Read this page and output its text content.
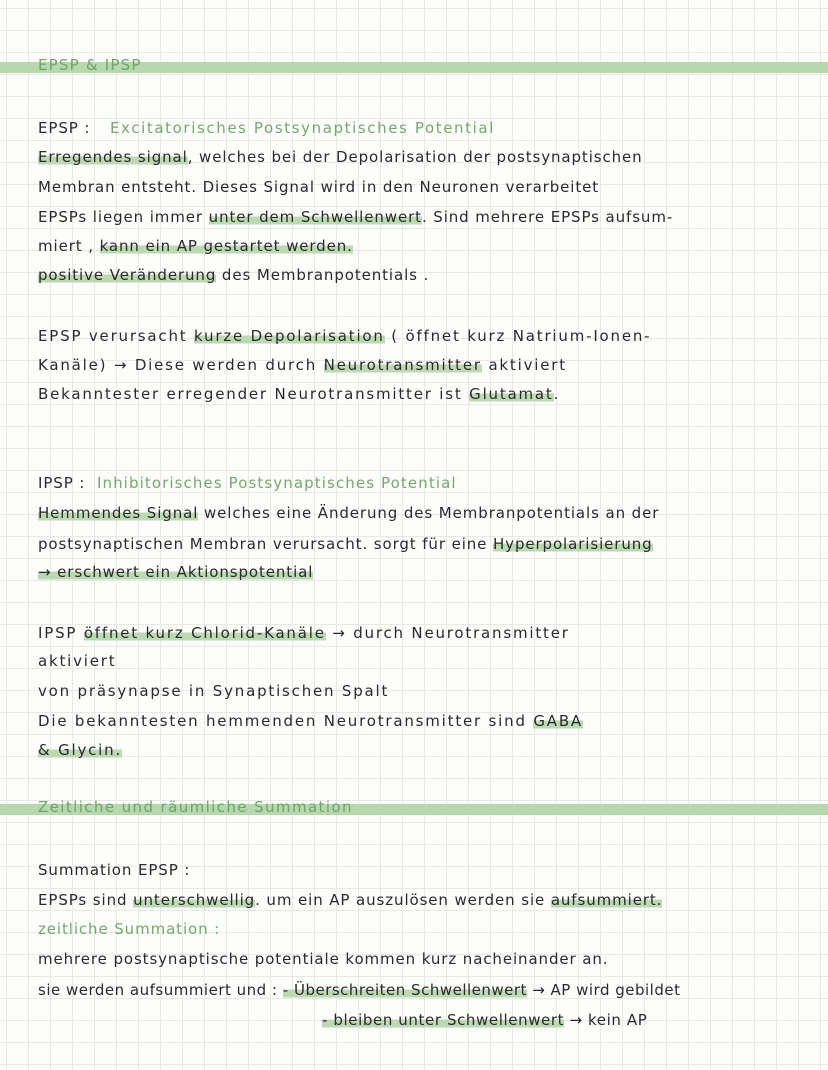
EPSP & IPSP
EPSP : Excitatorisches Postsynaptisches Potential
Erregendes signal, welches bei der Depolarisation der postsynaptischen
Membran entsteht. Dieses Signal wird in den Neuronen verarbeitet
EPSPs liegen immer unter dem Schwellenwert. Sind mehrere EPSPs aufsum-
miert , kann ein AP gestartet werden.
positive Veränderung des Membranpotentials .
EPSP verursacht kurze Depolarisation ( öffnet kurz Natrium-Ionen-
Kanäle) → Diese werden durch Neurotransmitter aktiviert
Bekanntester erregender Neurotransmitter ist Glutamat.
IPSP : Inhibitorisches Postsynaptisches Potential
Hemmendes Signal welches eine Änderung des Membranpotentials an der
postsynaptischen Membran verursacht. sorgt für eine Hyperpolarisierung
→ erschwert ein Aktionspotential
IPSP öffnet kurz Chlorid-Kanäle → durch Neurotransmitter
aktiviert
von präsynapse in Synaptischen Spalt
Die bekanntesten hemmenden Neurotransmitter sind GABA
& Glycin.
Zeitliche und räumliche Summation
Summation EPSP :
EPSPs sind unterschwellig. um ein AP auszulösen werden sie aufsummiert.
zeitliche Summation :
mehrere postsynaptische potentiale kommen kurz nacheinander an.
sie werden aufsummiert und : - Überschreiten Schwellenwert → AP wird gebildet
- bleiben unter Schwellenwert → kein AP
